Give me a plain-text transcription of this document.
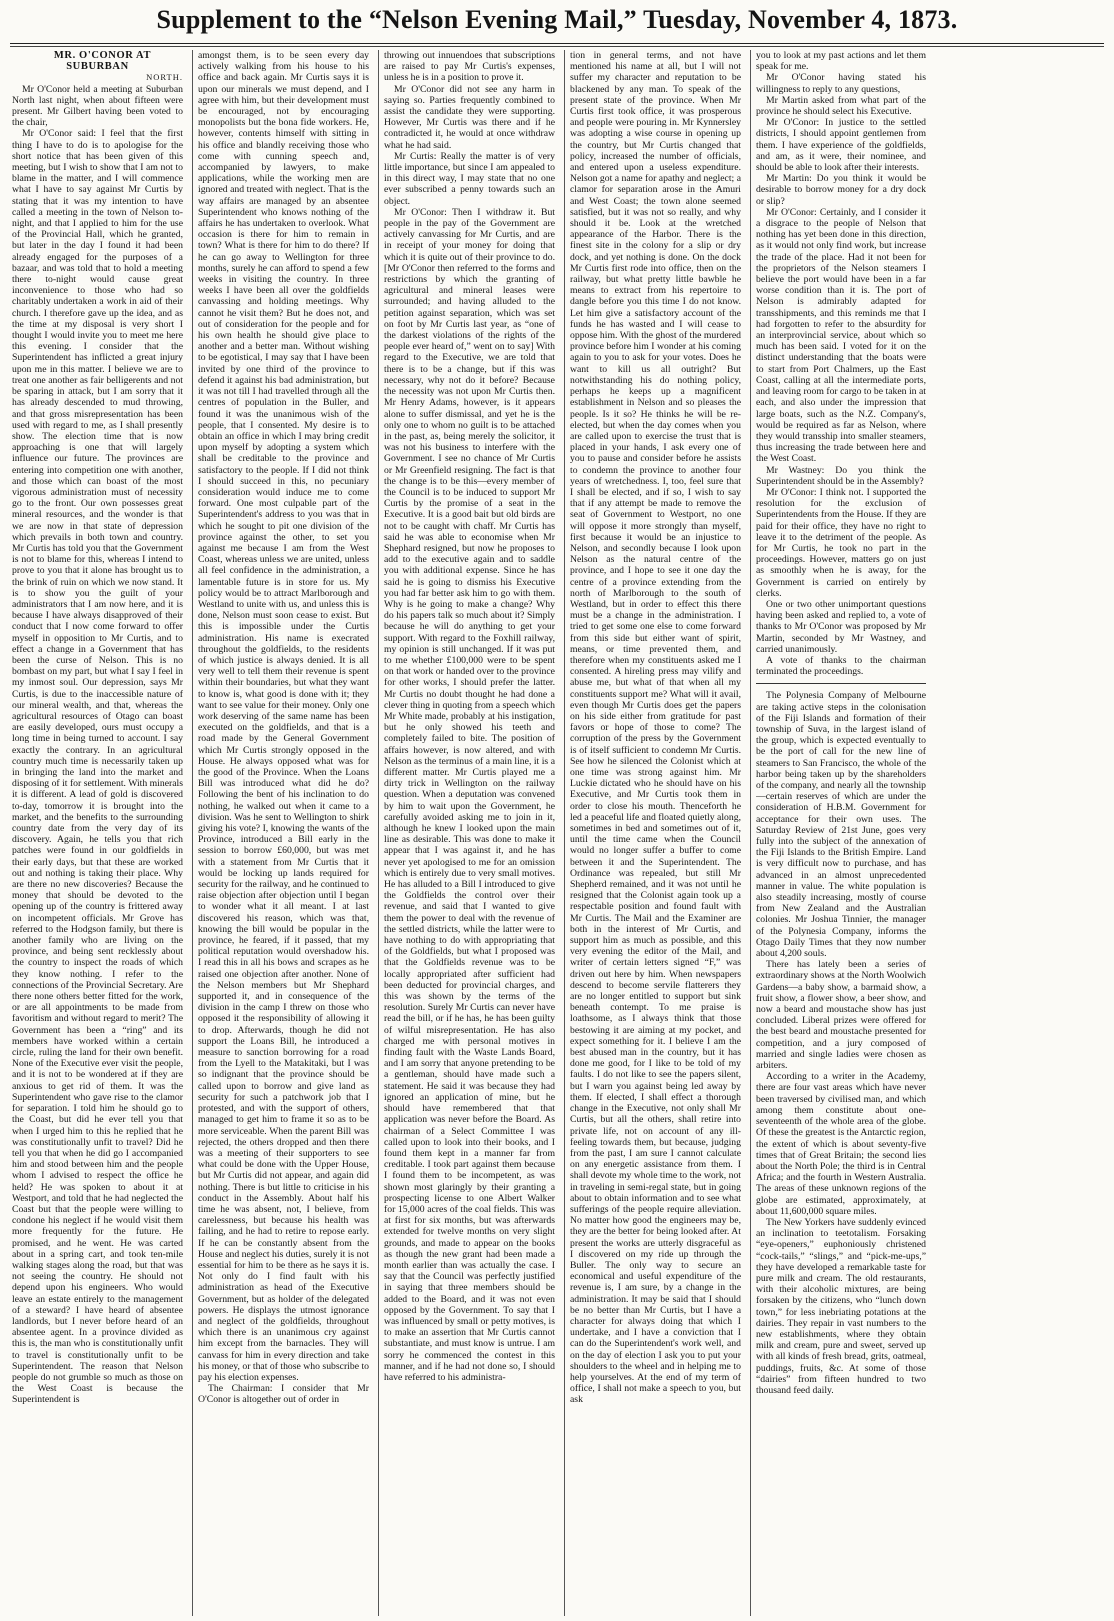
Supplement to the “Nelson Evening Mail,” Tuesday, November 4, 1873.

MR. O'CONOR AT SUBURBAN

NORTH.

Mr O'Conor held a meeting at Suburban North last night, when about fifteen were present. Mr Gilbert having been voted to the chair,

Mr O'Conor said: I feel that the first thing I have to do is to apologise for the short notice that has been given of this meeting, but I wish to show that I am not to blame in the matter, and I will commence what I have to say against Mr Curtis by stating that it was my intention to have called a meeting in the town of Nelson to-night, and that I applied to him for the use of the Provincial Hall, which he granted, but later in the day I found it had been already engaged for the purposes of a bazaar, and was told that to hold a meeting there to-night would cause great inconvenience to those who had so charitably undertaken a work in aid of their church. I therefore gave up the idea, and as the time at my disposal is very short I thought I would invite you to meet me here this evening. I consider that the Superintendent has inflicted a great injury upon me in this matter. I believe we are to treat one another as fair belligerents and not be sparing in attack, but I am sorry that it has already descended to mud throwing, and that gross misrepresentation has been used with regard to me, as I shall presently show. The election time that is now approaching is one that will largely influence our future. The provinces are entering into competition one with another, and those which can boast of the most vigorous administration must of necessity go to the front. Our own possesses great mineral resources, and the wonder is that we are now in that state of depression which prevails in both town and country. Mr Curtis has told you that the Government is not to blame for this, whereas I intend to prove to you that it alone has brought us to the brink of ruin on which we now stand. It is to show you the guilt of your administrators that I am now here, and it is because I have always disapproved of their conduct that I now come forward to offer myself in opposition to Mr Curtis, and to effect a change in a Government that has been the curse of Nelson. This is no bombast on my part, but what I say I feel in my inmost soul. Our depression, says Mr Curtis, is due to the inaccessible nature of our mineral wealth, and that, whereas the agricultural resources of Otago can boast are easily developed, ours must occupy a long time in being turned to account. I say exactly the contrary. In an agricultural country much time is necessarily taken up in bringing the land into the market and disposing of it for settlement. With minerals it is different. A lead of gold is discovered to-day, tomorrow it is brought into the market, and the benefits to the surrounding country date from the very day of its discovery. Again, he tells you that rich patches were found in our goldfields in their early days, but that these are worked out and nothing is taking their place. Why are there no new discoveries? Because the money that should be devoted to the opening up of the country is frittered away on incompetent officials. Mr Grove has referred to the Hodgson family, but there is another family who are living on the province, and being sent recklessly about the country to inspect the roads of which they know nothing. I refer to the connections of the Provincial Secretary. Are there none others better fitted for the work, or are all appointments to be made from favoritism and without regard to merit? The Government has been a “ring” and its members have worked within a certain circle, ruling the land for their own benefit. None of the Executive ever visit the people, and it is not to be wondered at if they are anxious to get rid of them. It was the Superintendent who gave rise to the clamor for separation. I told him he should go to the Coast, but did he ever tell you that when I urged him to this he replied that he was constitutionally unfit to travel? Did he tell you that when he did go I accompanied him and stood between him and the people whom I advised to respect the office he held? He was spoken to about it at Westport, and told that he had neglected the Coast but that the people were willing to condone his neglect if he would visit them more frequently for the future. He promised, and he went. He was carted about in a spring cart, and took ten-mile walking stages along the road, but that was not seeing the country. He should not depend upon his engineers. Who would leave an estate entirely to the management of a steward? I have heard of absentee landlords, but I never before heard of an absentee agent. In a province divided as this is, the man who is constitutionally unfit to travel is constitutionally unfit to be Superintendent. The reason that Nelson people do not grumble so much as those on the West Coast is because the Superintendent is

amongst them, is to be seen every day actively walking from his house to his office and back again. Mr Curtis says it is upon our minerals we must depend, and I agree with him, but their development must be encouraged, not by encouraging monopolists but the bona fide workers. He, however, contents himself with sitting in his office and blandly receiving those who come with cunning speech and, accompanied by lawyers, to make applications, while the working men are ignored and treated with neglect. That is the way affairs are managed by an absentee Superintendent who knows nothing of the affairs he has undertaken to overlook. What occasion is there for him to remain in town? What is there for him to do there? If he can go away to Wellington for three months, surely he can afford to spend a few weeks in visiting the country. In three weeks I have been all over the goldfields canvassing and holding meetings. Why cannot he visit them? But he does not, and out of consideration for the people and for his own health he should give place to another and a better man. Without wishing to be egotistical, I may say that I have been invited by one third of the province to defend it against his bad administration, but it was not till I had travelled through all the centres of population in the Buller, and found it was the unanimous wish of the people, that I consented. My desire is to obtain an office in which I may bring credit upon myself by adopting a system which shall be creditable to the province and satisfactory to the people. If I did not think I should succeed in this, no pecuniary consideration would induce me to come forward. One most culpable part of the Superintendent's address to you was that in which he sought to pit one division of the province against the other, to set you against me because I am from the West Coast, whereas unless we are united, unless all feel confidence in the administration, a lamentable future is in store for us. My policy would be to attract Marlborough and Westland to unite with us, and unless this is done, Nelson must soon cease to exist. But this is impossible under the Curtis administration. His name is execrated throughout the goldfields, to the residents of which justice is always denied. It is all very well to tell them their revenue is spent within their boundaries, but what they want to know is, what good is done with it; they want to see value for their money. Only one work deserving of the same name has been executed on the goldfields, and that is a road made by the General Government which Mr Curtis strongly opposed in the House. He always opposed what was for the good of the Province. When the Loans Bill was introduced what did he do? Following the bent of his inclination to do nothing, he walked out when it came to a division. Was he sent to Wellington to shirk giving his vote? I, knowing the wants of the Province, introduced a Bill early in the session to borrow £60,000, but was met with a statement from Mr Curtis that it would be locking up lands required for security for the railway, and he continued to raise objection after objection until I began to wonder what it all meant. I at last discovered his reason, which was that, knowing the bill would be popular in the province, he feared, if it passed, that my political reputation would overshadow his. I read this in all his bows and scrapes as he raised one objection after another. None of the Nelson members but Mr Shephard supported it, and in consequence of the division in the camp I threw on those who opposed it the responsibility of allowing it to drop. Afterwards, though he did not support the Loans Bill, he introduced a measure to sanction borrowing for a road from the Lyell to the Matakitaki, but I was so indignant that the province should be called upon to borrow and give land as security for such a patchwork job that I protested, and with the support of others, managed to get him to frame it so as to be more serviceable. When the parent Bill was rejected, the others dropped and then there was a meeting of their supporters to see what could be done with the Upper House, but Mr Curtis did not appear, and again did nothing. There is but little to criticise in his conduct in the Assembly. About half his time he was absent, not, I believe, from carelessness, but because his health was failing, and he had to retire to repose early. If he can be constantly absent from the House and neglect his duties, surely it is not essential for him to be there as he says it is. Not only do I find fault with his administration as head of the Executive Government, but as holder of the delegated powers. He displays the utmost ignorance and neglect of the goldfields, throughout which there is an unanimous cry against him except from the barnacles. They will canvass for him in every direction and take his money, or that of those who subscribe to pay his election expenses.

The Chairman: I consider that Mr O'Conor is altogether out of order in

throwing out innuendoes that subscriptions are raised to pay Mr Curtis's expenses, unless he is in a position to prove it.

Mr O'Conor did not see any harm in saying so. Parties frequently combined to assist the candidate they were supporting. However, Mr Curtis was there and if he contradicted it, he would at once withdraw what he had said.

Mr Curtis: Really the matter is of very little importance, but since I am appealed to in this direct way, I may state that no one ever subscribed a penny towards such an object.

Mr O'Conor: Then I withdraw it. But people in the pay of the Government are actively canvassing for Mr Curtis, and are in receipt of your money for doing that which it is quite out of their province to do. [Mr O'Conor then referred to the forms and restrictions by which the granting of agricultural and mineral leases were surrounded; and having alluded to the petition against separation, which was set on foot by Mr Curtis last year, as “one of the darkest violations of the rights of the people ever heard of,” went on to say] With regard to the Executive, we are told that there is to be a change, but if this was necessary, why not do it before? Because the necessity was not upon Mr Curtis then. Mr Henry Adams, however, is it appears alone to suffer dismissal, and yet he is the only one to whom no guilt is to be attached in the past, as, being merely the solicitor, it was not his business to interfere with the Government. I see no chance of Mr Curtis or Mr Greenfield resigning. The fact is that the change is to be this—every member of the Council is to be induced to support Mr Curtis by the promise of a seat in the Executive. It is a good bait but old birds are not to be caught with chaff. Mr Curtis has said he was able to economise when Mr Shephard resigned, but now he proposes to add to the executive again and to saddle you with additional expense. Since he has said he is going to dismiss his Executive you had far better ask him to go with them. Why is he going to make a change? Why do his papers talk so much about it? Simply because he will do anything to get your support. With regard to the Foxhill railway, my opinion is still unchanged. If it was put to me whether £100,000 were to be spent on that work or handed over to the province for other works, I should prefer the latter. Mr Curtis no doubt thought he had done a clever thing in quoting from a speech which Mr White made, probably at his instigation, but he only showed his teeth and completely failed to bite. The position of affairs however, is now altered, and with Nelson as the terminus of a main line, it is a different matter. Mr Curtis played me a dirty trick in Wellington on the railway question. When a deputation was convened by him to wait upon the Government, he carefully avoided asking me to join in it, although he knew I looked upon the main line as desirable. This was done to make it appear that I was against it, and he has never yet apologised to me for an omission which is entirely due to very small motives. He has alluded to a Bill I introduced to give the Goldfields the control over their revenue, and said that I wanted to give them the power to deal with the revenue of the settled districts, while the latter were to have nothing to do with appropriating that of the Goldfields, but what I proposed was that the Goldfields revenue was to be locally appropriated after sufficient had been deducted for provincial charges, and this was shown by the terms of the resolution. Surely Mr Curtis can never have read the bill, or if he has, he has been guilty of wilful misrepresentation. He has also charged me with personal motives in finding fault with the Waste Lands Board, and I am sorry that anyone pretending to be a gentleman, should have made such a statement. He said it was because they had ignored an application of mine, but he should have remembered that that application was never before the Board. As chairman of a Select Committee I was called upon to look into their books, and I found them kept in a manner far from creditable. I took part against them because I found them to be incompetent, as was shown most glaringly by their granting a prospecting license to one Albert Walker for 15,000 acres of the coal fields. This was at first for six months, but was afterwards extended for twelve months on very slight grounds, and made to appear on the books as though the new grant had been made a month earlier than was actually the case. I say that the Council was perfectly justified in saying that three members should be added to the Board, and it was not even opposed by the Government. To say that I was influenced by small or petty motives, is to make an assertion that Mr Curtis cannot substantiate, and must know is untrue. I am sorry he commenced the contest in this manner, and if he had not done so, I should have referred to his administra-

tion in general terms, and not have mentioned his name at all, but I will not suffer my character and reputation to be blackened by any man. To speak of the present state of the province. When Mr Curtis first took office, it was prosperous and people were pouring in. Mr Kynnersley was adopting a wise course in opening up the country, but Mr Curtis changed that policy, increased the number of officials, and entered upon a useless expenditure. Nelson got a name for apathy and neglect; a clamor for separation arose in the Amuri and West Coast; the town alone seemed satisfied, but it was not so really, and why should it be. Look at the wretched appearance of the Harbor. There is the finest site in the colony for a slip or dry dock, and yet nothing is done. On the dock Mr Curtis first rode into office, then on the railway, but what pretty little bawble he means to extract from his repertoire to dangle before you this time I do not know. Let him give a satisfactory account of the funds he has wasted and I will cease to oppose him. With the ghost of the murdered province before him I wonder at his coming again to you to ask for your votes. Does he want to kill us all outright? But notwithstanding his do nothing policy, perhaps he keeps up a magnificent establishment in Nelson and so pleases the people. Is it so? He thinks he will be re-elected, but when the day comes when you are called upon to exercise the trust that is placed in your hands, I ask every one of you to pause and consider before he assists to condemn the province to another four years of wretchedness. I, too, feel sure that I shall be elected, and if so, I wish to say that if any attempt be made to remove the seat of Government to Westport, no one will oppose it more strongly than myself, first because it would be an injustice to Nelson, and secondly because I look upon Nelson as the natural centre of the province, and I hope to see it one day the centre of a province extending from the north of Marlborough to the south of Westland, but in order to effect this there must be a change in the administration. I tried to get some one else to come forward from this side but either want of spirit, means, or time prevented them, and therefore when my constituents asked me I consented. A hireling press may vilify and abuse me, but what of that when all my constituents support me? What will it avail, even though Mr Curtis does get the papers on his side either from gratitude for past favors or hope of those to come? The corruption of the press by the Government is of itself sufficient to condemn Mr Curtis. See how he silenced the Colonist which at one time was strong against him. Mr Luckie dictated who he should have on his Executive, and Mr Curtis took them in order to close his mouth. Thenceforth he led a peaceful life and floated quietly along, sometimes in bed and sometimes out of it, until the time came when the Council would no longer suffer a buffer to come between it and the Superintendent. The Ordinance was repealed, but still Mr Shepherd remained, and it was not until he resigned that the Colonist again took up a respectable position and found fault with Mr Curtis. The Mail and the Examiner are both in the interest of Mr Curtis, and support him as much as possible, and this very evening the editor of the Mail, and writer of certain letters signed “F,” was driven out here by him. When newspapers descend to become servile flatterers they are no longer entitled to support but sink beneath contempt. To me praise is loathsome, as I always think that those bestowing it are aiming at my pocket, and expect something for it. I believe I am the best abused man in the country, but it has done me good, for I like to be told of my faults. I do not like to see the papers silent, but I warn you against being led away by them. If elected, I shall effect a thorough change in the Executive, not only shall Mr Curtis, but all the others, shall retire into private life, not on account of any ill-feeling towards them, but because, judging from the past, I am sure I cannot calculate on any energetic assistance from them. I shall devote my whole time to the work, not in traveling in semi-regal state, but in going about to obtain information and to see what sufferings of the people require alleviation. No matter how good the engineers may be, they are the better for being looked after. At present the works are utterly disgraceful as I discovered on my ride up through the Buller. The only way to secure an economical and useful expenditure of the revenue is, I am sure, by a change in the administration. It may be said that I should be no better than Mr Curtis, but I have a character for always doing that which I undertake, and I have a conviction that I can do the Superintendent's work well, and on the day of election I ask you to put your shoulders to the wheel and in helping me to help yourselves. At the end of my term of office, I shall not make a speech to you, but ask

you to look at my past actions and let them speak for me.

Mr O'Conor having stated his willingness to reply to any questions,

Mr Martin asked from what part of the province he should select his Executive.

Mr O'Conor: In justice to the settled districts, I should appoint gentlemen from them. I have experience of the goldfields, and am, as it were, their nominee, and should be able to look after their interests.

Mr Martin: Do you think it would be desirable to borrow money for a dry dock or slip?

Mr O'Conor: Certainly, and I consider it a disgrace to the people of Nelson that nothing has yet been done in this direction, as it would not only find work, but increase the trade of the place. Had it not been for the proprietors of the Nelson steamers I believe the port would have been in a far worse condition than it is. The port of Nelson is admirably adapted for transshipments, and this reminds me that I had forgotten to refer to the absurdity for an interprovincial service, about which so much has been said. I voted for it on the distinct understanding that the boats were to start from Port Chalmers, up the East Coast, calling at all the intermediate ports, and leaving room for cargo to be taken in at each, and also under the impression that large boats, such as the N.Z. Company's, would be required as far as Nelson, where they would transship into smaller steamers, thus increasing the trade between here and the West Coast.

Mr Wastney: Do you think the Superintendent should be in the Assembly?

Mr O'Conor: I think not. I supported the resolution for the exclusion of Superintendents from the House. If they are paid for their office, they have no right to leave it to the detriment of the people. As for Mr Curtis, he took no part in the proceedings. However, matters go on just as smoothly when he is away, for the Government is carried on entirely by clerks.

One or two other unimportant questions having been asked and replied to, a vote of thanks to Mr O'Conor was proposed by Mr Martin, seconded by Mr Wastney, and carried unanimously.

A vote of thanks to the chairman terminated the proceedings.

The Polynesia Company of Melbourne are taking active steps in the colonisation of the Fiji Islands and formation of their township of Suva, in the largest island of the group, which is expected eventually to be the port of call for the new line of steamers to San Francisco, the whole of the harbor being taken up by the shareholders of the company, and nearly all the township—certain reserves of which are under the consideration of H.B.M. Government for acceptance for their own uses. The Saturday Review of 21st June, goes very fully into the subject of the annexation of the Fiji Islands to the British Empire. Land is very difficult now to purchase, and has advanced in an almost unprecedented manner in value. The white population is also steadily increasing, mostly of course from New Zealand and the Australian colonies. Mr Joshua Tinnier, the manager of the Polynesia Company, informs the Otago Daily Times that they now number about 4,200 souls.

There has lately been a series of extraordinary shows at the North Woolwich Gardens—a baby show, a barmaid show, a fruit show, a flower show, a beer show, and now a beard and moustache show has just concluded. Liberal prizes were offered for the best beard and moustache presented for competition, and a jury composed of married and single ladies were chosen as arbiters.

According to a writer in the Academy, there are four vast areas which have never been traversed by civilised man, and which among them constitute about one-seventeenth of the whole area of the globe. Of these the greatest is the Antarctic region, the extent of which is about seventy-five times that of Great Britain; the second lies about the North Pole; the third is in Central Africa; and the fourth in Western Australia. The areas of these unknown regions of the globe are estimated, approximately, at about 11,600,000 square miles.

The New Yorkers have suddenly evinced an inclination to teetotalism. Forsaking “eye-openers,” euphoniously christened “cock-tails,” “slings,” and “pick-me-ups,” they have developed a remarkable taste for pure milk and cream. The old restaurants, with their alcoholic mixtures, are being forsaken by the citizens, who “lunch down town,” for less inebriating potations at the dairies. They repair in vast numbers to the new establishments, where they obtain milk and cream, pure and sweet, served up with all kinds of fresh bread, grits, oatmeal, puddings, fruits, &c. At some of those “dairies” from fifteen hundred to two thousand feed daily.
